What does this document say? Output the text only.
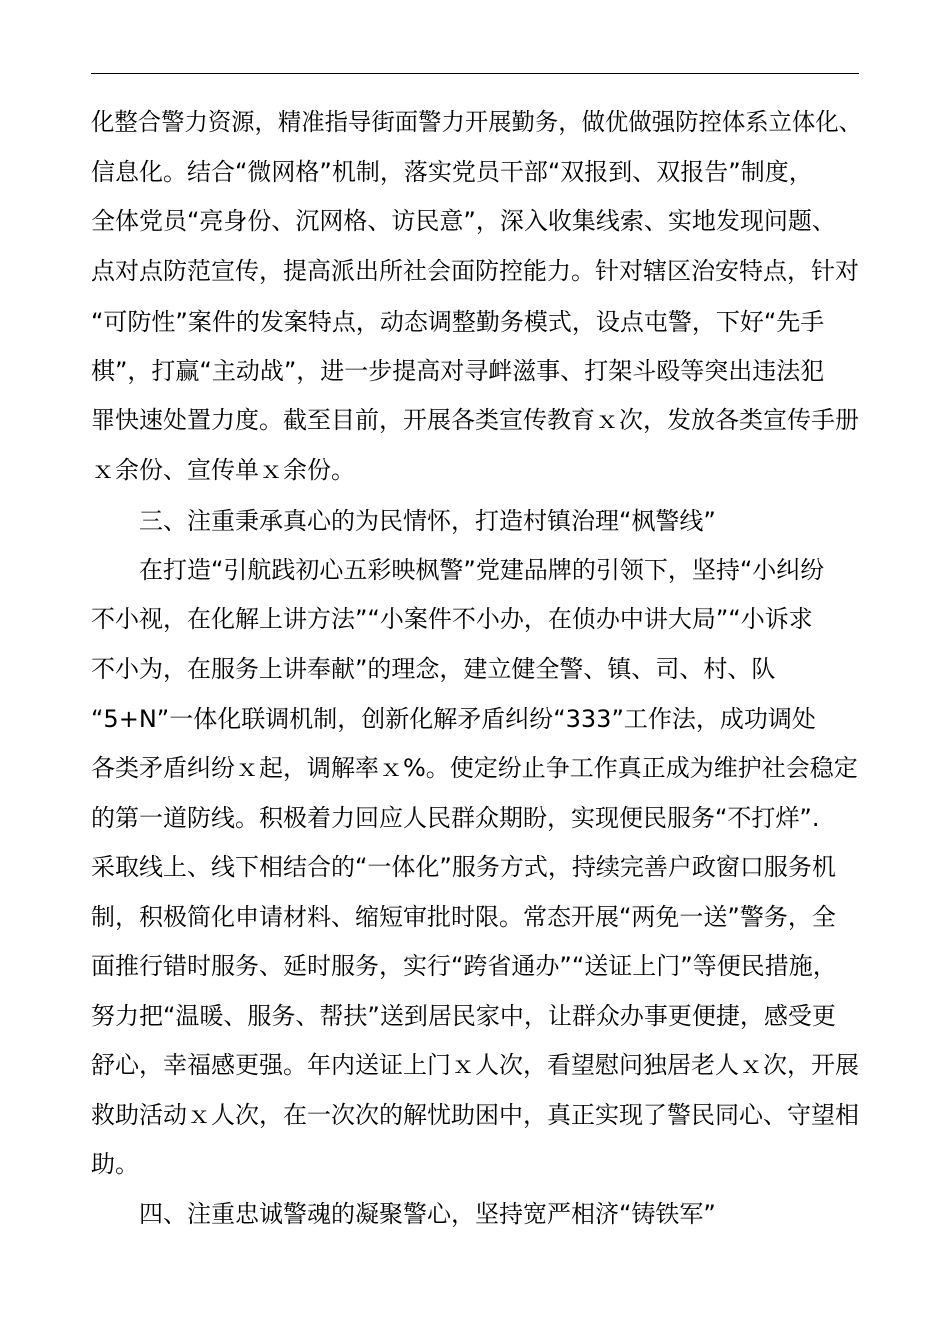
化整合警力资源，精准指导街面警力开展勤务，做优做强防控体系立体化、
信息化。结合“微网格”机制，落实党员干部“双报到、双报告”制度，
全体党员“亮身份、沉网格、访民意”，深入收集线索、实地发现问题、
点对点防范宣传，提高派出所社会面防控能力。针对辖区治安特点，针对
“可防性”案件的发案特点，动态调整勤务模式，设点屯警，下好“先手
棋”，打赢“主动战”，进一步提高对寻衅滋事、打架斗殴等突出违法犯
罪快速处置力度。截至目前，开展各类宣传教育ｘ次，发放各类宣传手册
ｘ余份、宣传单ｘ余份。
三、注重秉承真心的为民情怀，打造村镇治理“枫警线”
在打造“引航践初心五彩映枫警”党建品牌的引领下，坚持“小纠纷
不小视，在化解上讲方法”“小案件不小办，在侦办中讲大局”“小诉求
不小为，在服务上讲奉献”的理念，建立健全警、镇、司、村、队
“5+N”一体化联调机制，创新化解矛盾纠纷“333”工作法，成功调处
各类矛盾纠纷ｘ起，调解率ｘ%。使定纷止争工作真正成为维护社会稳定
的第一道防线。积极着力回应人民群众期盼，实现便民服务“不打烊”.
采取线上、线下相结合的“一体化”服务方式，持续完善户政窗口服务机
制，积极简化申请材料、缩短审批时限。常态开展“两免一送”警务，全
面推行错时服务、延时服务，实行“跨省通办”“送证上门”等便民措施，
努力把“温暖、服务、帮扶”送到居民家中，让群众办事更便捷，感受更
舒心，幸福感更强。年内送证上门ｘ人次，看望慰问独居老人ｘ次，开展
救助活动ｘ人次，在一次次的解忧助困中，真正实现了警民同心、守望相
助。
四、注重忠诚警魂的凝聚警心，坚持宽严相济“铸铁军”
